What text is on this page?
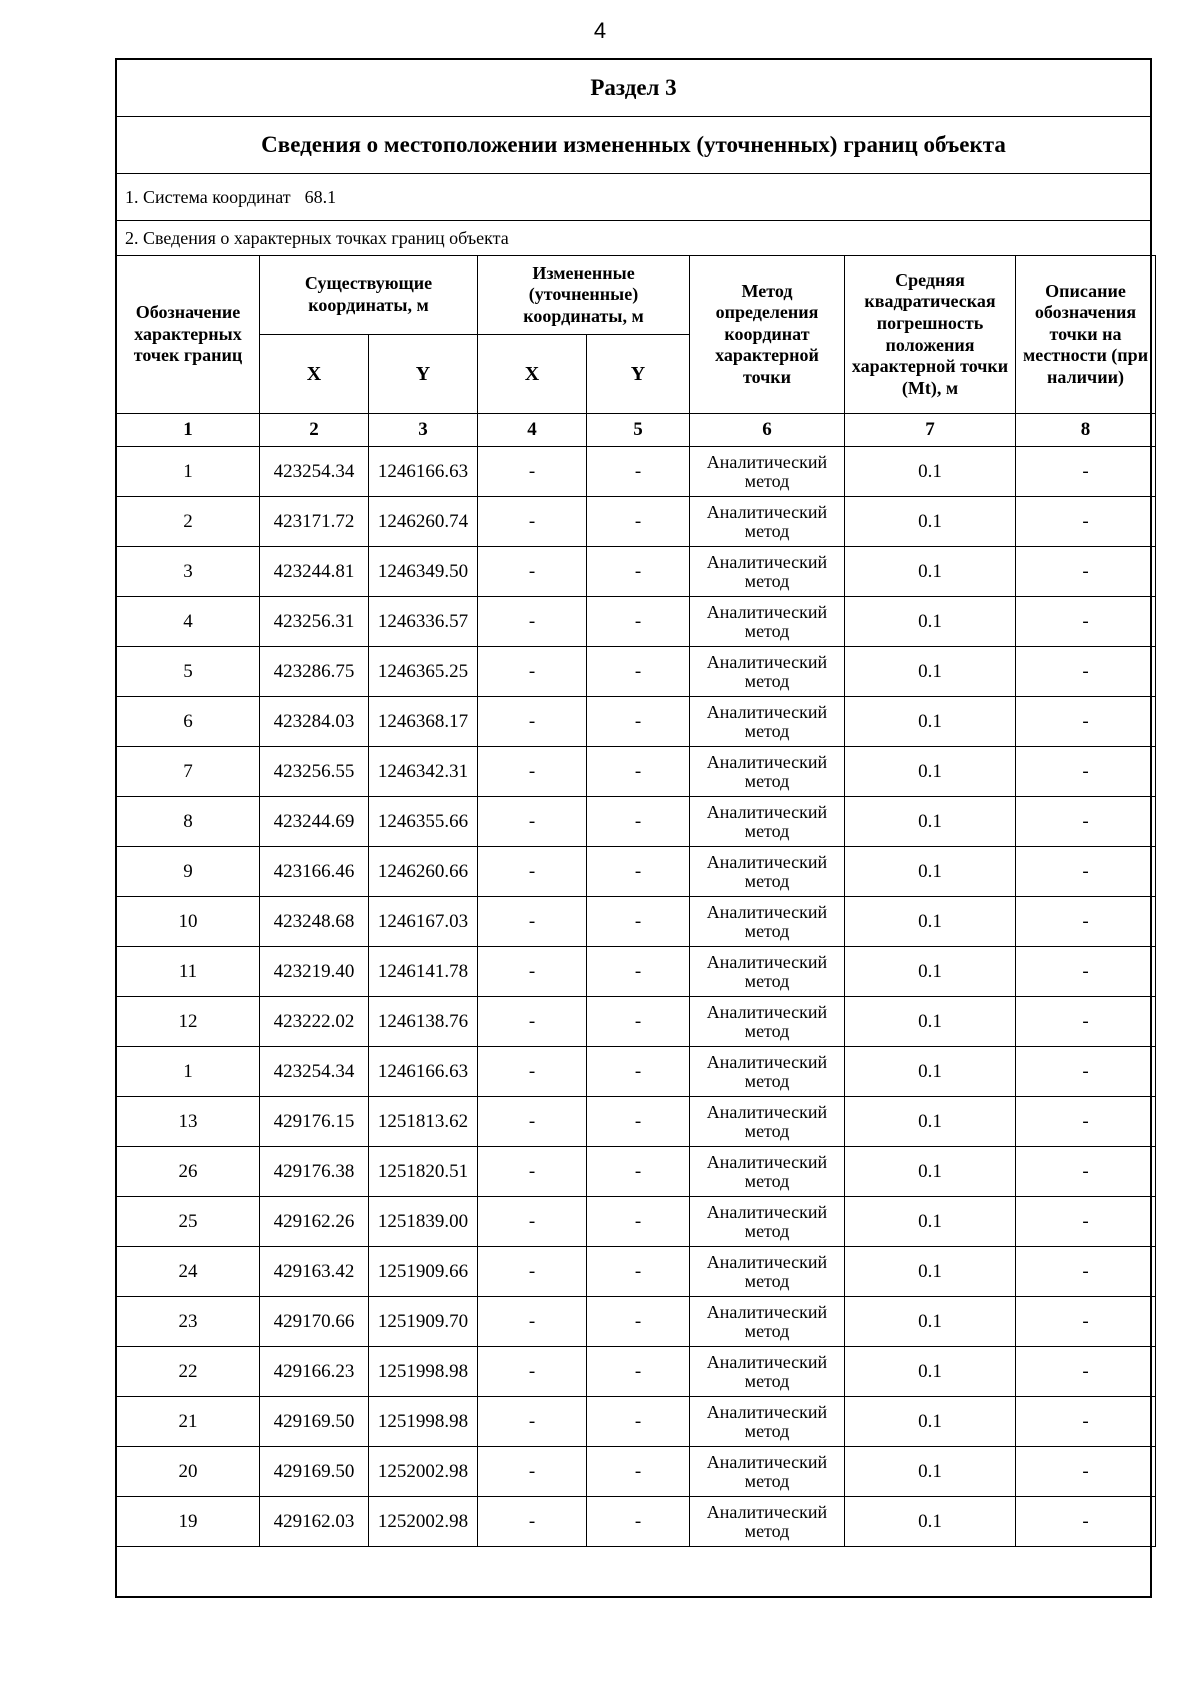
4
Раздел 3
Сведения о местоположении измененных (уточненных) границ объекта
1. Система координат 68.1
2. Сведения о характерных точках границ объекта
Обозначение характерных точек границ	Существующие координаты, м		Измененные (уточненные) координаты, м		Метод определения координат характерной точки	Средняя квадратическая погрешность положения характерной точки (Mt), м	Описание обозначения точки на местности (при наличии)
	X	Y	X	Y			
1	2	3	4	5	6	7	8
1	423254.34	1246166.63	-	-	Аналитический метод	0.1	-
2	423171.72	1246260.74	-	-	Аналитический метод	0.1	-
3	423244.81	1246349.50	-	-	Аналитический метод	0.1	-
4	423256.31	1246336.57	-	-	Аналитический метод	0.1	-
5	423286.75	1246365.25	-	-	Аналитический метод	0.1	-
6	423284.03	1246368.17	-	-	Аналитический метод	0.1	-
7	423256.55	1246342.31	-	-	Аналитический метод	0.1	-
8	423244.69	1246355.66	-	-	Аналитический метод	0.1	-
9	423166.46	1246260.66	-	-	Аналитический метод	0.1	-
10	423248.68	1246167.03	-	-	Аналитический метод	0.1	-
11	423219.40	1246141.78	-	-	Аналитический метод	0.1	-
12	423222.02	1246138.76	-	-	Аналитический метод	0.1	-
1	423254.34	1246166.63	-	-	Аналитический метод	0.1	-
13	429176.15	1251813.62	-	-	Аналитический метод	0.1	-
26	429176.38	1251820.51	-	-	Аналитический метод	0.1	-
25	429162.26	1251839.00	-	-	Аналитический метод	0.1	-
24	429163.42	1251909.66	-	-	Аналитический метод	0.1	-
23	429170.66	1251909.70	-	-	Аналитический метод	0.1	-
22	429166.23	1251998.98	-	-	Аналитический метод	0.1	-
21	429169.50	1251998.98	-	-	Аналитический метод	0.1	-
20	429169.50	1252002.98	-	-	Аналитический метод	0.1	-
19	429162.03	1252002.98	-	-	Аналитический метод	0.1	-
